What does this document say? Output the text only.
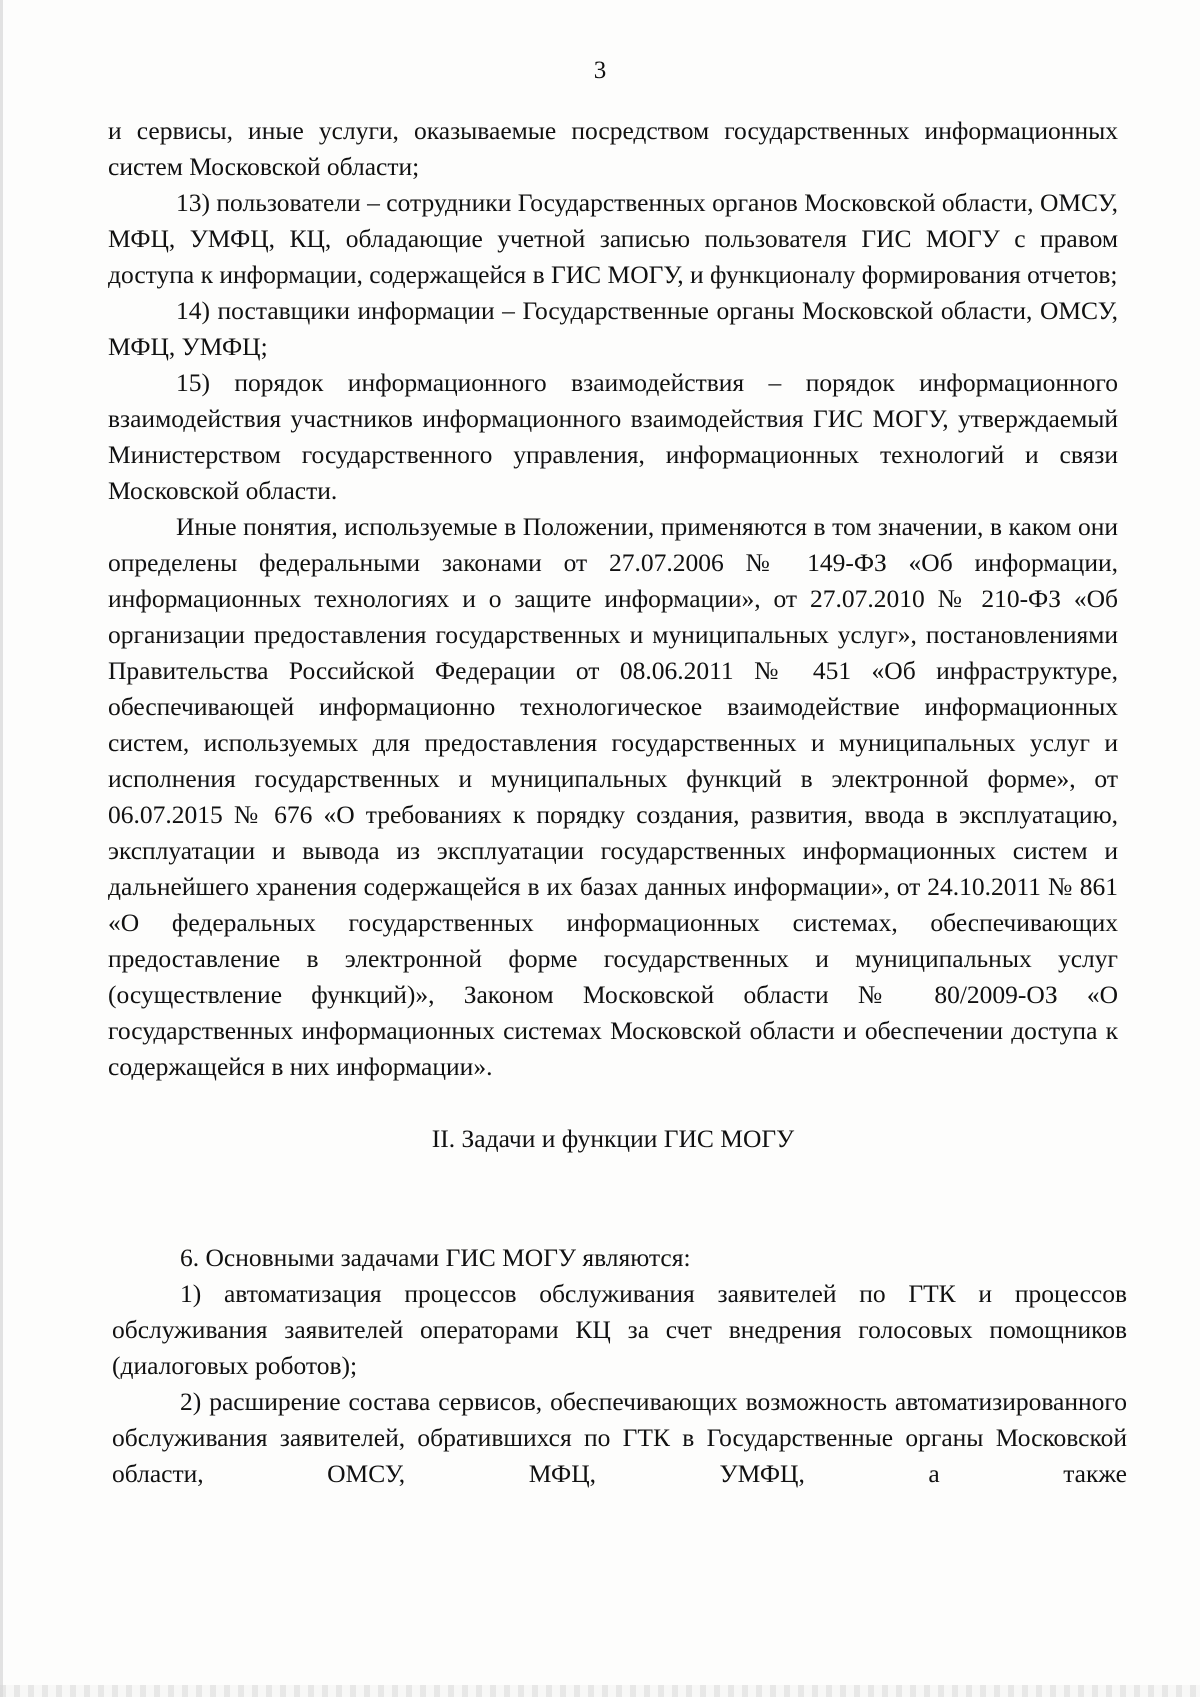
3

и сервисы, иные услуги, оказываемые посредством государственных информационных систем Московской области;

13) пользователи – сотрудники Государственных органов Московской области, ОМСУ, МФЦ, УМФЦ, КЦ, обладающие учетной записью пользователя ГИС МОГУ с правом доступа к информации, содержащейся в ГИС МОГУ, и функционалу формирования отчетов;

14) поставщики информации – Государственные органы Московской области, ОМСУ, МФЦ, УМФЦ;

15) порядок информационного взаимодействия – порядок информационного взаимодействия участников информационного взаимодействия ГИС МОГУ, утверждаемый Министерством государственного управления, информационных технологий и связи Московской области.

Иные понятия, используемые в Положении, применяются в том значении, в каком они определены федеральными законами от 27.07.2006 № 149-ФЗ «Об информации, информационных технологиях и о защите информации», от 27.07.2010 № 210-ФЗ «Об организации предоставления государственных и муниципальных услуг», постановлениями Правительства Российской Федерации от 08.06.2011 № 451 «Об инфраструктуре, обеспечивающей информационно технологическое взаимодействие информационных систем, используемых для предоставления государственных и муниципальных услуг и исполнения государственных и муниципальных функций в электронной форме», от 06.07.2015 № 676 «О требованиях к порядку создания, развития, ввода в эксплуатацию, эксплуатации и вывода из эксплуатации государственных информационных систем и дальнейшего хранения содержащейся в их базах данных информации», от 24.10.2011 № 861 «О федеральных государственных информационных системах, обеспечивающих предоставление в электронной форме государственных и муниципальных услуг (осуществление функций)», Законом Московской области № 80/2009-ОЗ «О государственных информационных системах Московской области и обеспечении доступа к содержащейся в них информации».

II. Задачи и функции ГИС МОГУ

6. Основными задачами ГИС МОГУ являются:

1) автоматизация процессов обслуживания заявителей по ГТК и процессов обслуживания заявителей операторами КЦ за счет внедрения голосовых помощников (диалоговых роботов);

2) расширение состава сервисов, обеспечивающих возможность автоматизированного обслуживания заявителей, обратившихся по ГТК в Государственные органы Московской области, ОМСУ, МФЦ, УМФЦ, а также
